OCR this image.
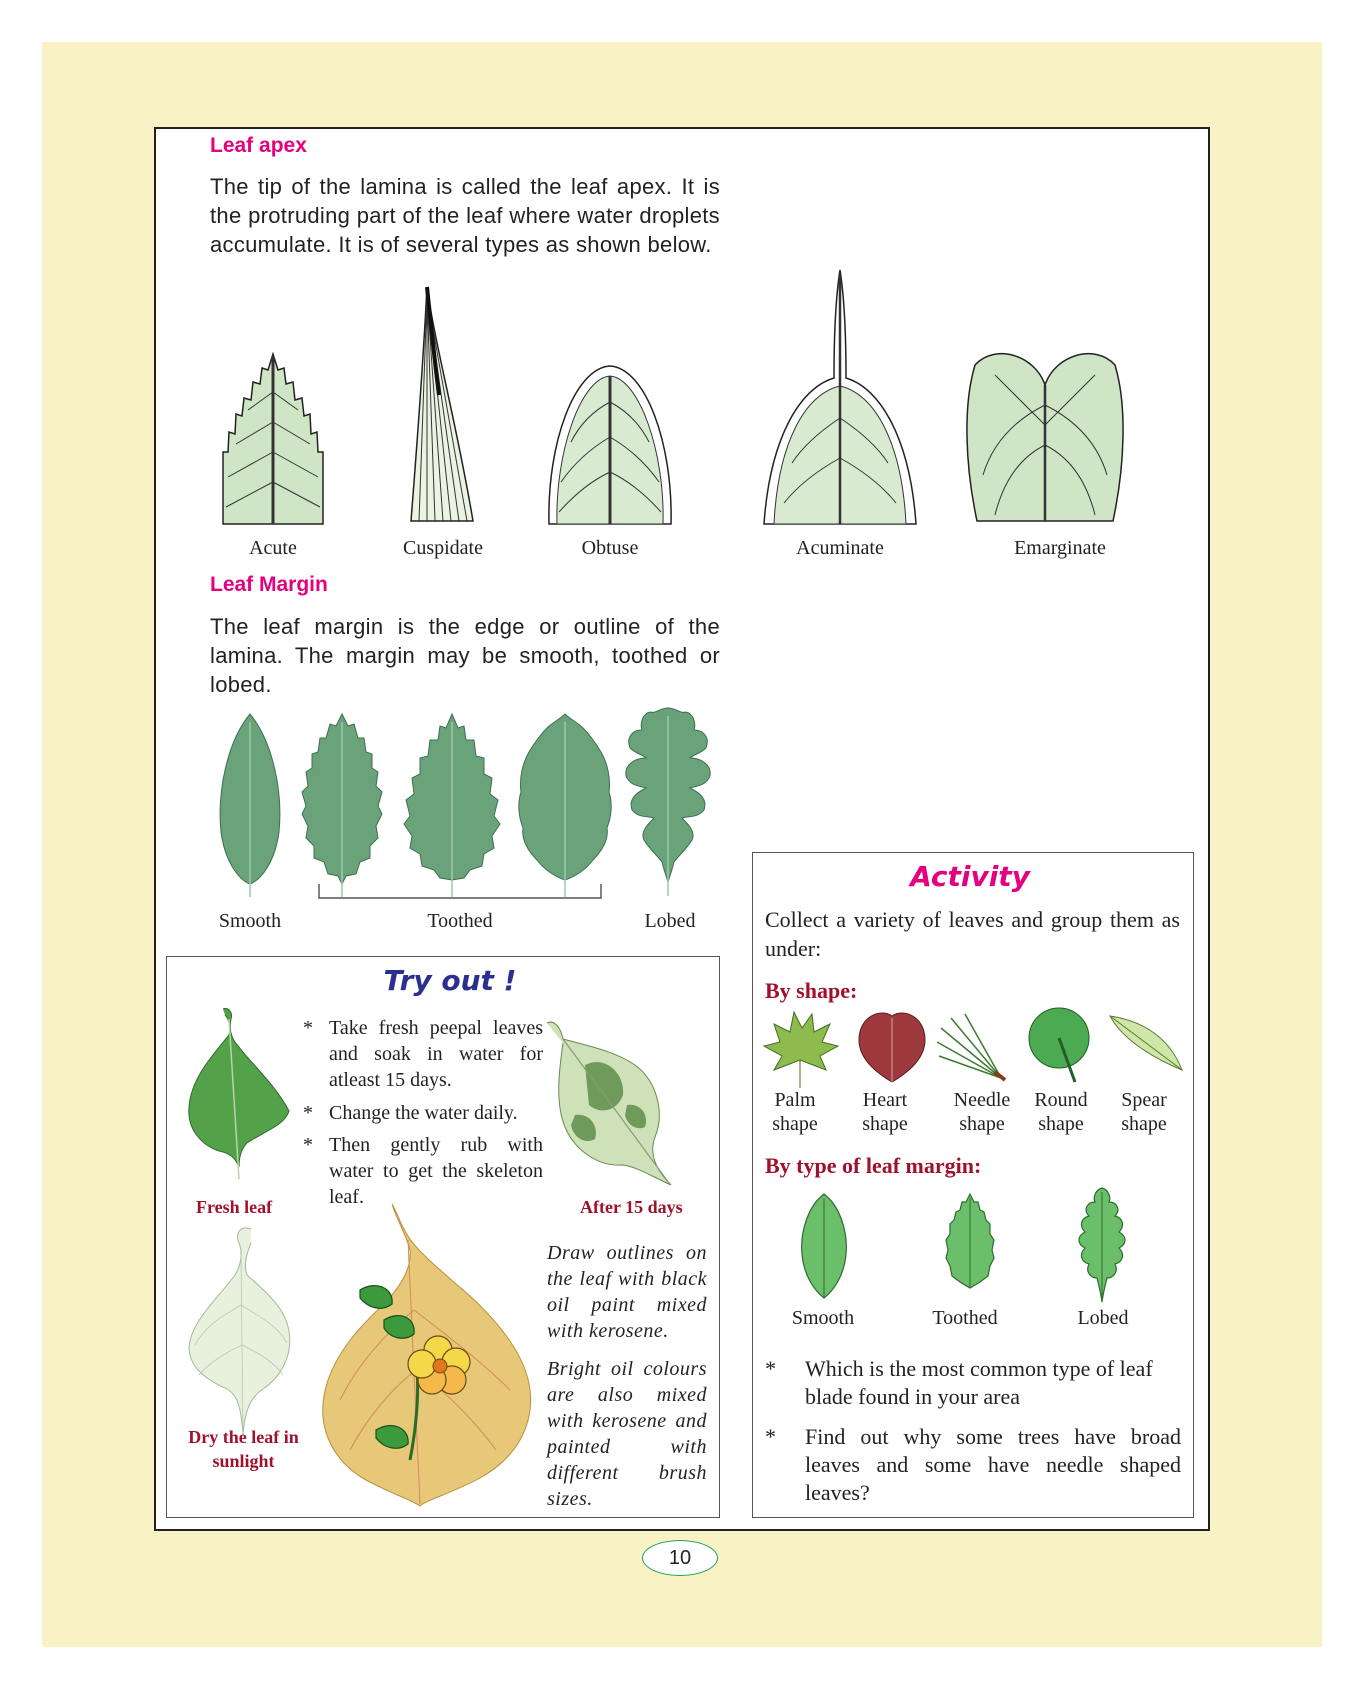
Leaf apex

The tip of the lamina is called the leaf apex. It is the protruding part of the leaf where water droplets accumulate. It is of several types as shown below.

Acute	Cuspidate	Obtuse	Acuminate	Emarginate
Leaf Margin

The leaf margin is the edge or outline of the lamina. The margin may be smooth, toothed or lobed.

Smooth	Toothed	Lobed
Try out !
Fresh leaf
* Take fresh peepal leaves and soak in water for atleast 15 days.
* Change the water daily.
* Then gently rub with water to get the skeleton leaf.	After 15 days
Dry the leaf in
sunlight

Draw outlines on the leaf with black oil paint mixed with kerosene.

Bright oil colours are also mixed with kerosene and painted with different brush sizes.

Activity

Collect a variety of leaves and group them as under:

By shape:
Palm
shape
Heart
shape
Needle
shape
Round
shape
Spear
shape
By type of leaf margin:
Smooth	Toothed	Lobed
* Which is the most common type of leaf blade found in your area
* Find out why some trees have broad leaves and some have needle shaped leaves?
10
